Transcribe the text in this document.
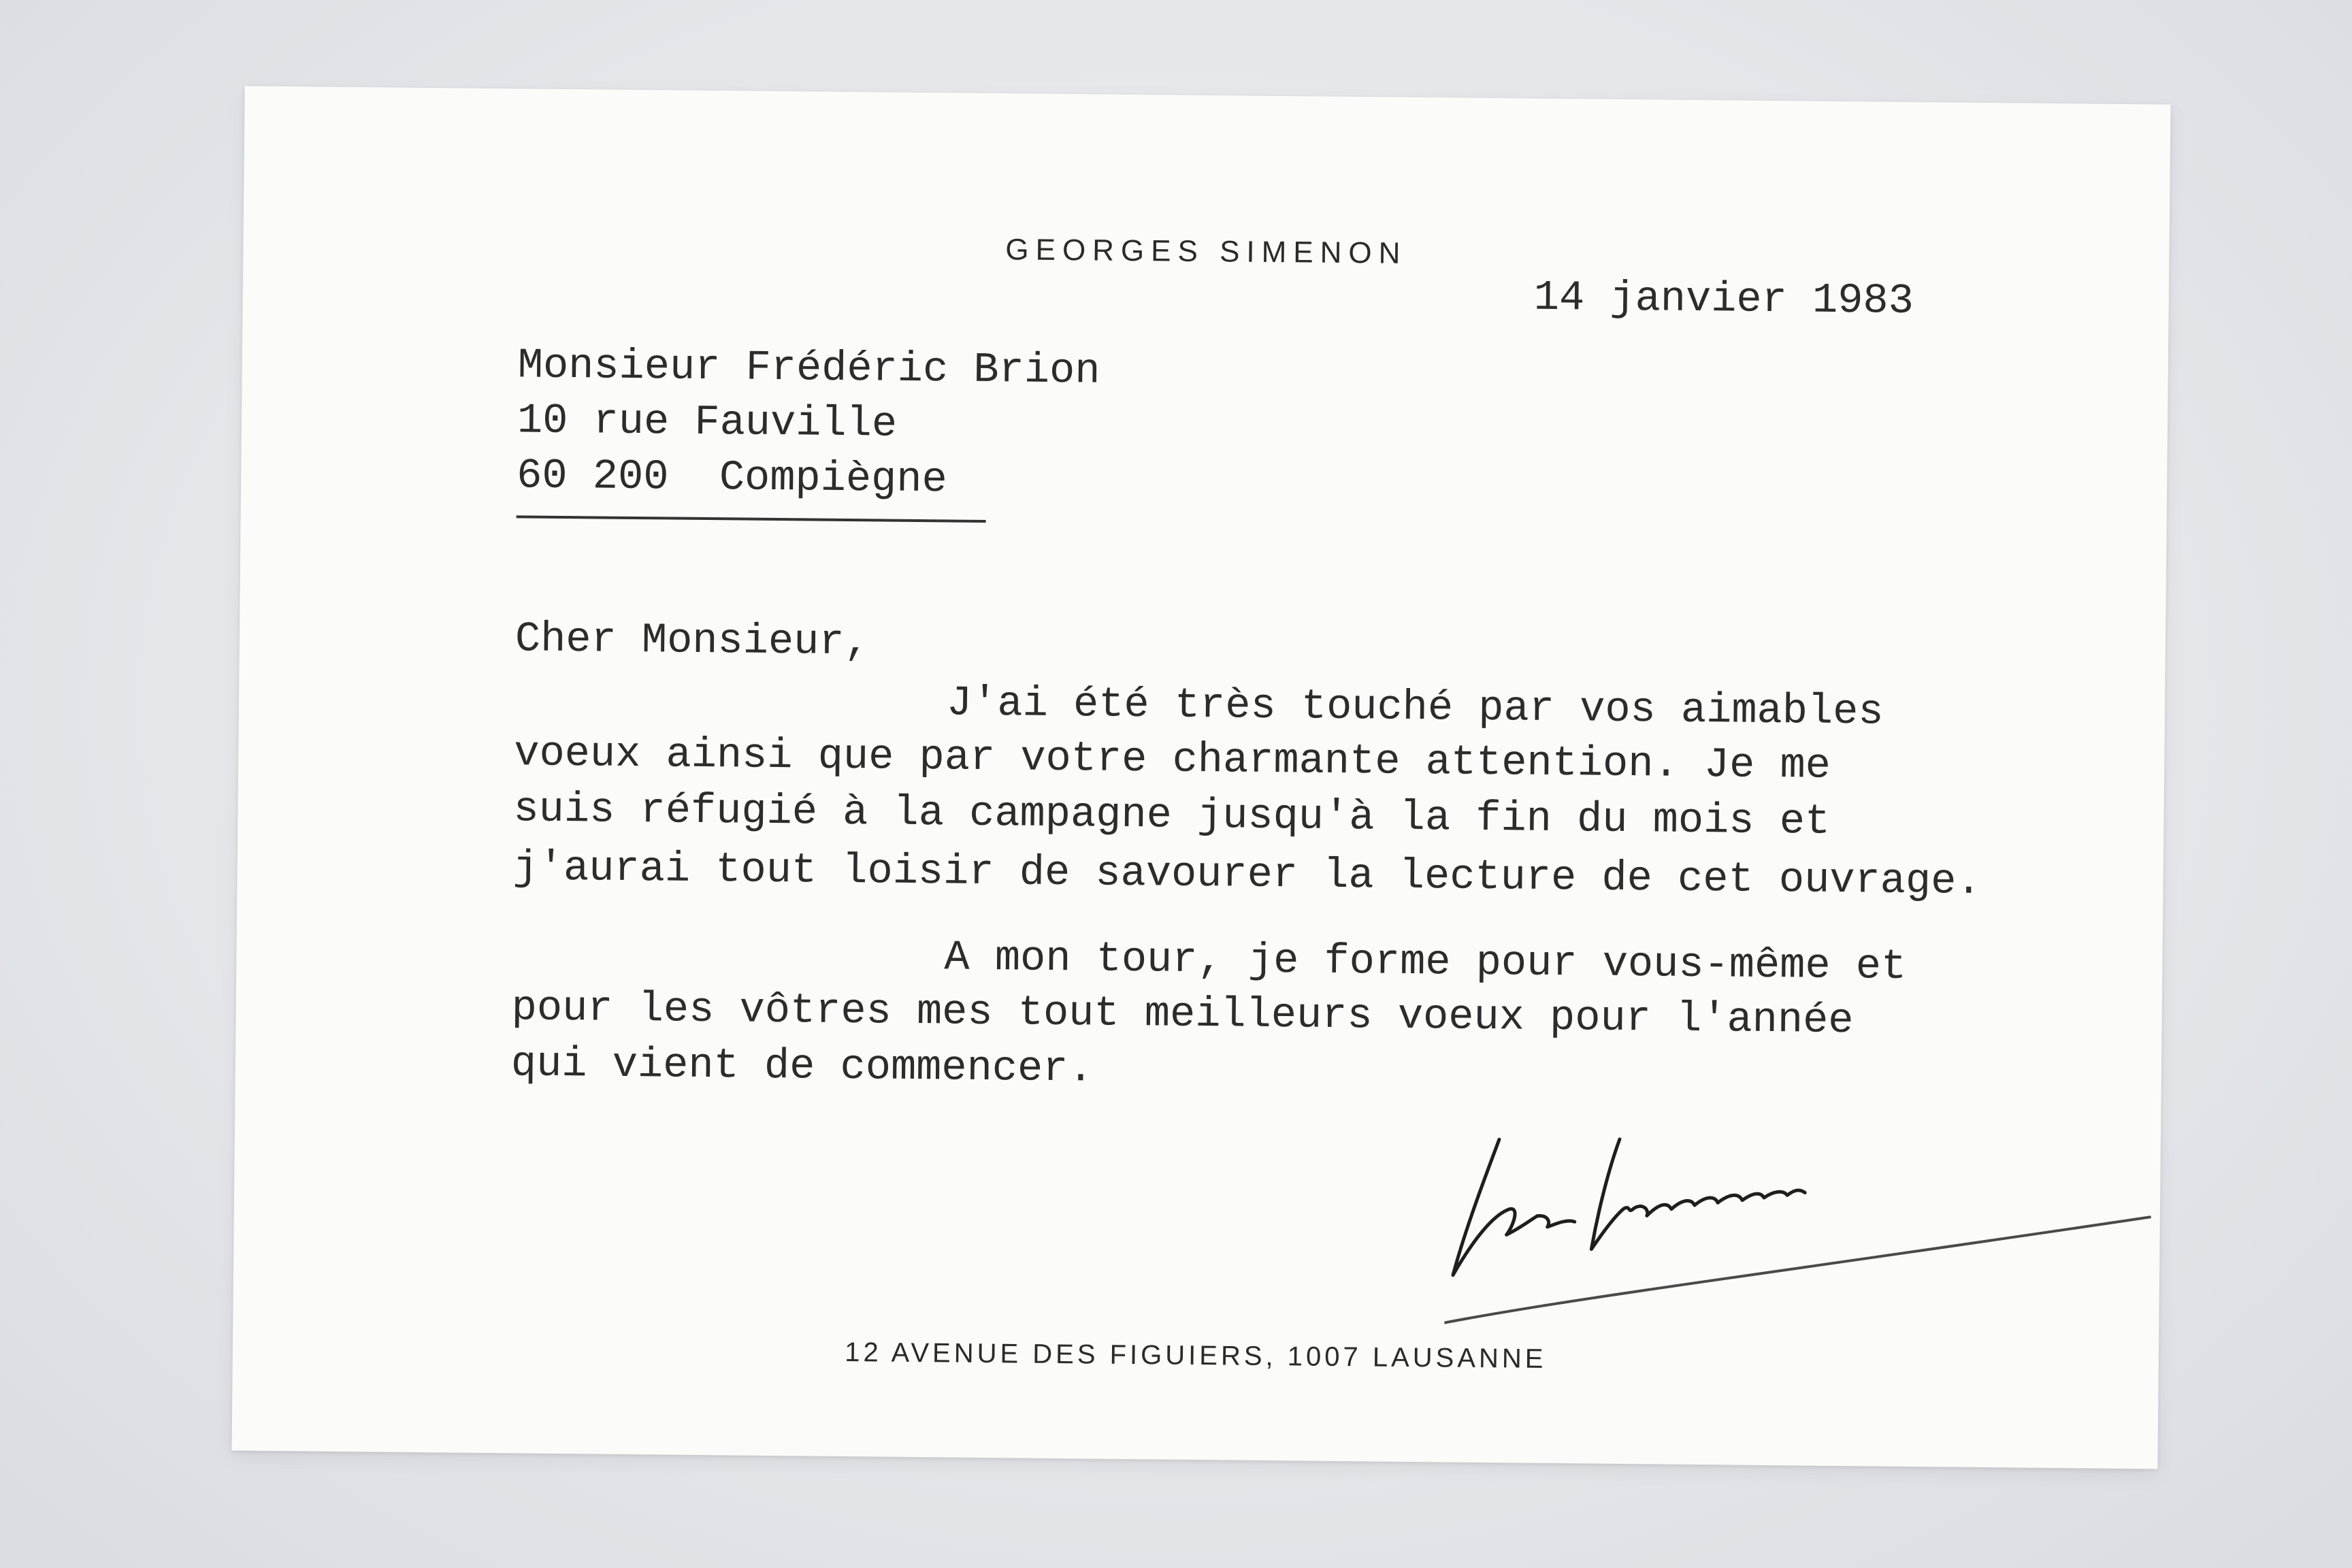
GEORGES SIMENON
14 janvier 1983
Monsieur Frédéric Brion
10 rue Fauville
60 200  Compiègne
Cher Monsieur,
J'ai été très touché par vos aimables
voeux ainsi que par votre charmante attention. Je me
suis réfugié à la campagne jusqu'à la fin du mois et
j'aurai tout loisir de savourer la lecture de cet ouvrage.
A mon tour, je forme pour vous-même et
pour les vôtres mes tout meilleurs voeux pour l'année
qui vient de commencer.
12 AVENUE DES FIGUIERS, 1007 LAUSANNE
